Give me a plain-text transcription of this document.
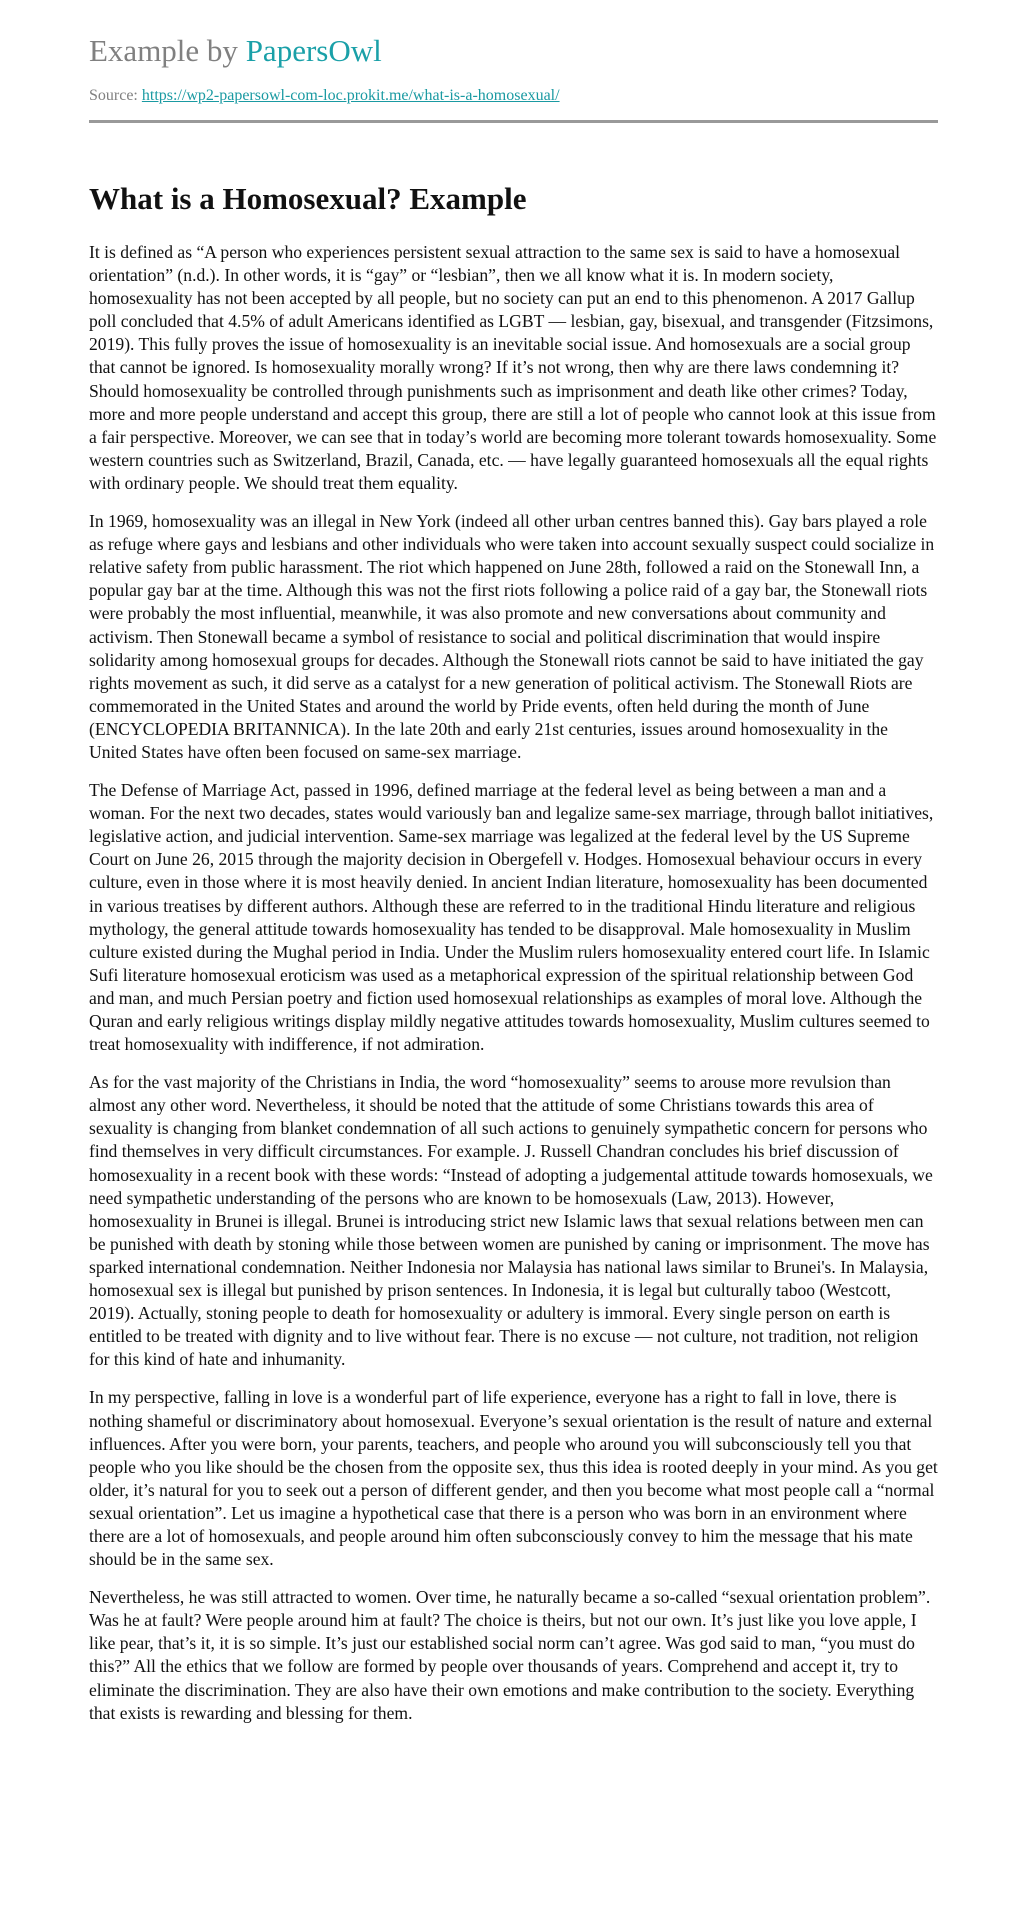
Example by PapersOwl
Source: https://wp2-papersowl-com-loc.prokit.me/what-is-a-homosexual/
What is a Homosexual? Example

It is defined as “A person who experiences persistent sexual attraction to the same sex is said to have a homosexual orientation” (n.d.). In other words, it is “gay” or “lesbian”, then we all know what it is. In modern society, homosexuality has not been accepted by all people, but no society can put an end to this phenomenon. A 2017 Gallup poll concluded that 4.5% of adult Americans identified as LGBT — lesbian, gay, bisexual, and transgender (Fitzsimons, 2019). This fully proves the issue of homosexuality is an inevitable social issue. And homosexuals are a social group that cannot be ignored. Is homosexuality morally wrong? If it’s not wrong, then why are there laws condemning it? Should homosexuality be controlled through punishments such as imprisonment and death like other crimes? Today, more and more people understand and accept this group, there are still a lot of people who cannot look at this issue from a fair perspective. Moreover, we can see that in today’s world are becoming more tolerant towards homosexuality. Some western countries such as Switzerland, Brazil, Canada, etc. — have legally guaranteed homosexuals all the equal rights with ordinary people. We should treat them equality.

In 1969, homosexuality was an illegal in New York (indeed all other urban centres banned this). Gay bars played a role as refuge where gays and lesbians and other individuals who were taken into account sexually suspect could socialize in relative safety from public harassment. The riot which happened on June 28th, followed a raid on the Stonewall Inn, a popular gay bar at the time. Although this was not the first riots following a police raid of a gay bar, the Stonewall riots were probably the most influential, meanwhile, it was also promote and new conversations about community and activism. Then Stonewall became a symbol of resistance to social and political discrimination that would inspire solidarity among homosexual groups for decades. Although the Stonewall riots cannot be said to have initiated the gay rights movement as such, it did serve as a catalyst for a new generation of political activism. The Stonewall Riots are commemorated in the United States and around the world by Pride events, often held during the month of June (ENCYCLOPEDIA BRITANNICA). In the late 20th and early 21st centuries, issues around homosexuality in the United States have often been focused on same-sex marriage.

The Defense of Marriage Act, passed in 1996, defined marriage at the federal level as being between a man and a woman. For the next two decades, states would variously ban and legalize same-sex marriage, through ballot initiatives, legislative action, and judicial intervention. Same-sex marriage was legalized at the federal level by the US Supreme Court on June 26, 2015 through the majority decision in Obergefell v. Hodges. Homosexual behaviour occurs in every culture, even in those where it is most heavily denied. In ancient Indian literature, homosexuality has been documented in various treatises by different authors. Although these are referred to in the traditional Hindu literature and religious mythology, the general attitude towards homosexuality has tended to be disapproval. Male homosexuality in Muslim culture existed during the Mughal period in India. Under the Muslim rulers homosexuality entered court life. In Islamic Sufi literature homosexual eroticism was used as a metaphorical expression of the spiritual relationship between God and man, and much Persian poetry and fiction used homosexual relationships as examples of moral love. Although the Quran and early religious writings display mildly negative attitudes towards homosexuality, Muslim cultures seemed to treat homosexuality with indifference, if not admiration.

As for the vast majority of the Christians in India, the word “homosexuality” seems to arouse more revulsion than almost any other word. Nevertheless, it should be noted that the attitude of some Christians towards this area of sexuality is changing from blanket condemnation of all such actions to genuinely sympathetic concern for persons who find themselves in very difficult circumstances. For example. J. Russell Chandran concludes his brief discussion of homosexuality in a recent book with these words: “Instead of adopting a judgemental attitude towards homosexuals, we need sympathetic understanding of the persons who are known to be homosexuals (Law, 2013). However, homosexuality in Brunei is illegal. Brunei is introducing strict new Islamic laws that sexual relations between men can be punished with death by stoning while those between women are punished by caning or imprisonment. The move has sparked international condemnation. Neither Indonesia nor Malaysia has national laws similar to Brunei's. In Malaysia, homosexual sex is illegal but punished by prison sentences. In Indonesia, it is legal but culturally taboo (Westcott, 2019). Actually, stoning people to death for homosexuality or adultery is immoral. Every single person on earth is entitled to be treated with dignity and to live without fear. There is no excuse — not culture, not tradition, not religion for this kind of hate and inhumanity.

In my perspective, falling in love is a wonderful part of life experience, everyone has a right to fall in love, there is nothing shameful or discriminatory about homosexual. Everyone’s sexual orientation is the result of nature and external influences. After you were born, your parents, teachers, and people who around you will subconsciously tell you that people who you like should be the chosen from the opposite sex, thus this idea is rooted deeply in your mind. As you get older, it’s natural for you to seek out a person of different gender, and then you become what most people call a “normal sexual orientation”. Let us imagine a hypothetical case that there is a person who was born in an environment where there are a lot of homosexuals, and people around him often subconsciously convey to him the message that his mate should be in the same sex.

Nevertheless, he was still attracted to women. Over time, he naturally became a so-called “sexual orientation problem”. Was he at fault? Were people around him at fault? The choice is theirs, but not our own. It’s just like you love apple, I like pear, that’s it, it is so simple. It’s just our established social norm can’t agree. Was god said to man, “you must do this?” All the ethics that we follow are formed by people over thousands of years. Comprehend and accept it, try to eliminate the discrimination. They are also have their own emotions and make contribution to the society. Everything that exists is rewarding and blessing for them.
